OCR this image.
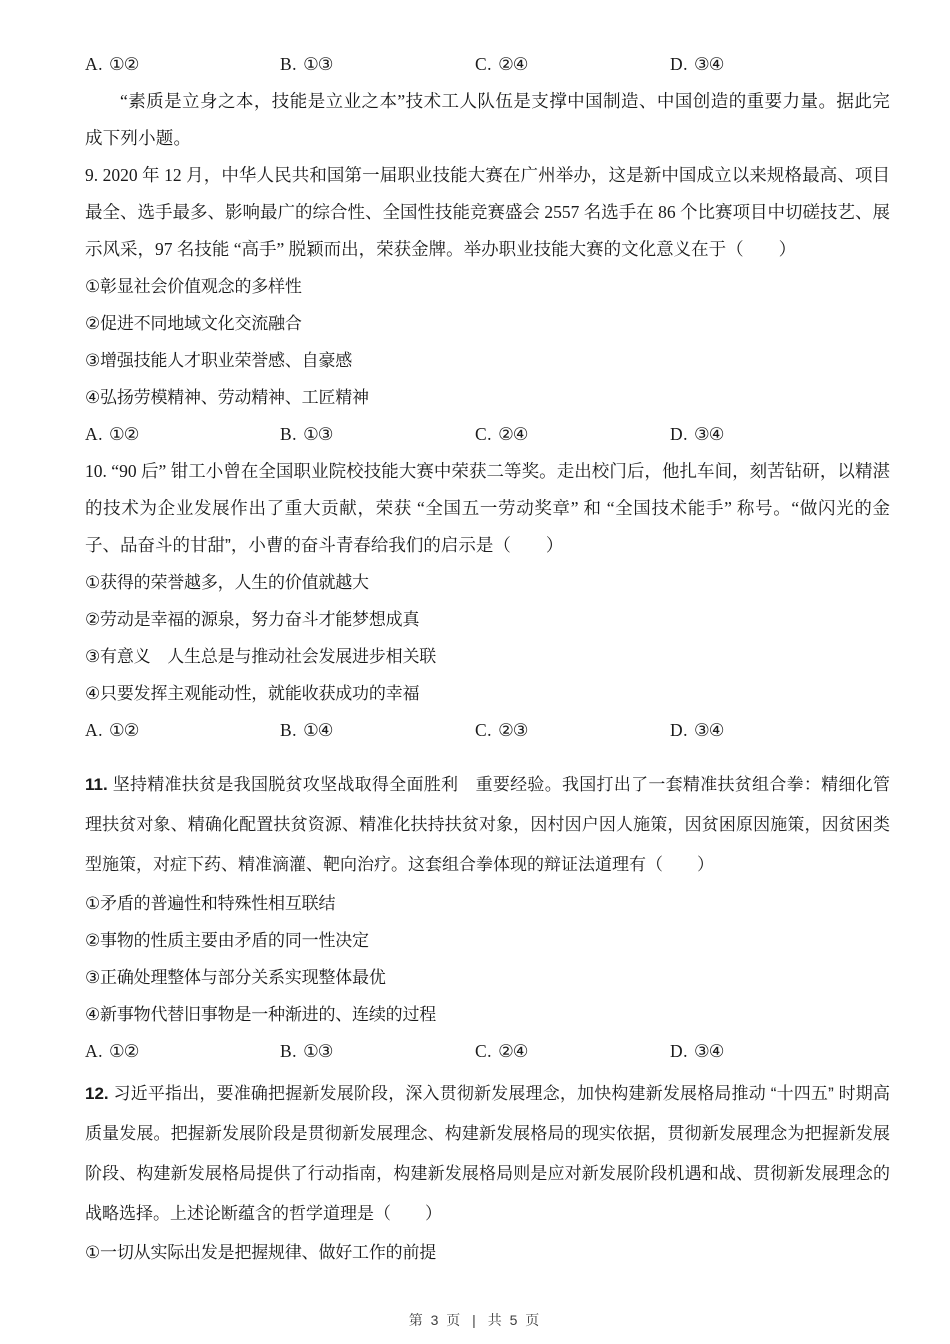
A. ①②	B. ①③	C. ②④	D. ③④

“素质是立身之本，技能是立业之本”技术工人队伍是支撑中国制造、中国创造的重要力量。据此完成下列小题。

9. 2020 年 12 月，中华人民共和国第一届职业技能大赛在广州举办，这是新中国成立以来规格最高、项目最全、选手最多、影响最广的综合性、全国性技能竞赛盛会 2557 名选手在 86 个比赛项目中切磋技艺、展示风采，97 名技能 “高手” 脱颖而出，荣获金牌。举办职业技能大赛的文化意义在于（　　）

①彰显社会价值观念的多样性
②促进不同地域文化交流融合
③增强技能人才职业荣誉感、自豪感
④弘扬劳模精神、劳动精神、工匠精神
A. ①②	B. ①③	C. ②④	D. ③④

10. “90 后” 钳工小曾在全国职业院校技能大赛中荣获二等奖。走出校门后，他扎车间，刻苦钻研，以精湛的技术为企业发展作出了重大贡献，荣获 “全国五一劳动奖章” 和 “全国技术能手” 称号。“做闪光的金子、品奋斗的甘甜”，小曹的奋斗青春给我们的启示是（　　）

①获得的荣誉越多，人生的价值就越大
②劳动是幸福的源泉，努力奋斗才能梦想成真
③有意义　人生总是与推动社会发展进步相关联
④只要发挥主观能动性，就能收获成功的幸福
A. ①②	B. ①④	C. ②③	D. ③④

11. 坚持精准扶贫是我国脱贫攻坚战取得全面胜利　重要经验。我国打出了一套精准扶贫组合拳：精细化管理扶贫对象、精确化配置扶贫资源、精准化扶持扶贫对象，因村因户因人施策，因贫困原因施策，因贫困类型施策，对症下药、精准滴灌、靶向治疗。这套组合拳体现的辩证法道理有（　　）

①矛盾的普遍性和特殊性相互联结
②事物的性质主要由矛盾的同一性决定
③正确处理整体与部分关系实现整体最优
④新事物代替旧事物是一种渐进的、连续的过程
A. ①②	B. ①③	C. ②④	D. ③④

12. 习近平指出，要准确把握新发展阶段，深入贯彻新发展理念，加快构建新发展格局推动 “十四五” 时期高质量发展。把握新发展阶段是贯彻新发展理念、构建新发展格局的现实依据，贯彻新发展理念为把握新发展阶段、构建新发展格局提供了行动指南，构建新发展格局则是应对新发展阶段机遇和战、贯彻新发展理念的战略选择。上述论断蕴含的哲学道理是（　　）

①一切从实际出发是把握规律、做好工作的前提
第 3 页 | 共 5 页
